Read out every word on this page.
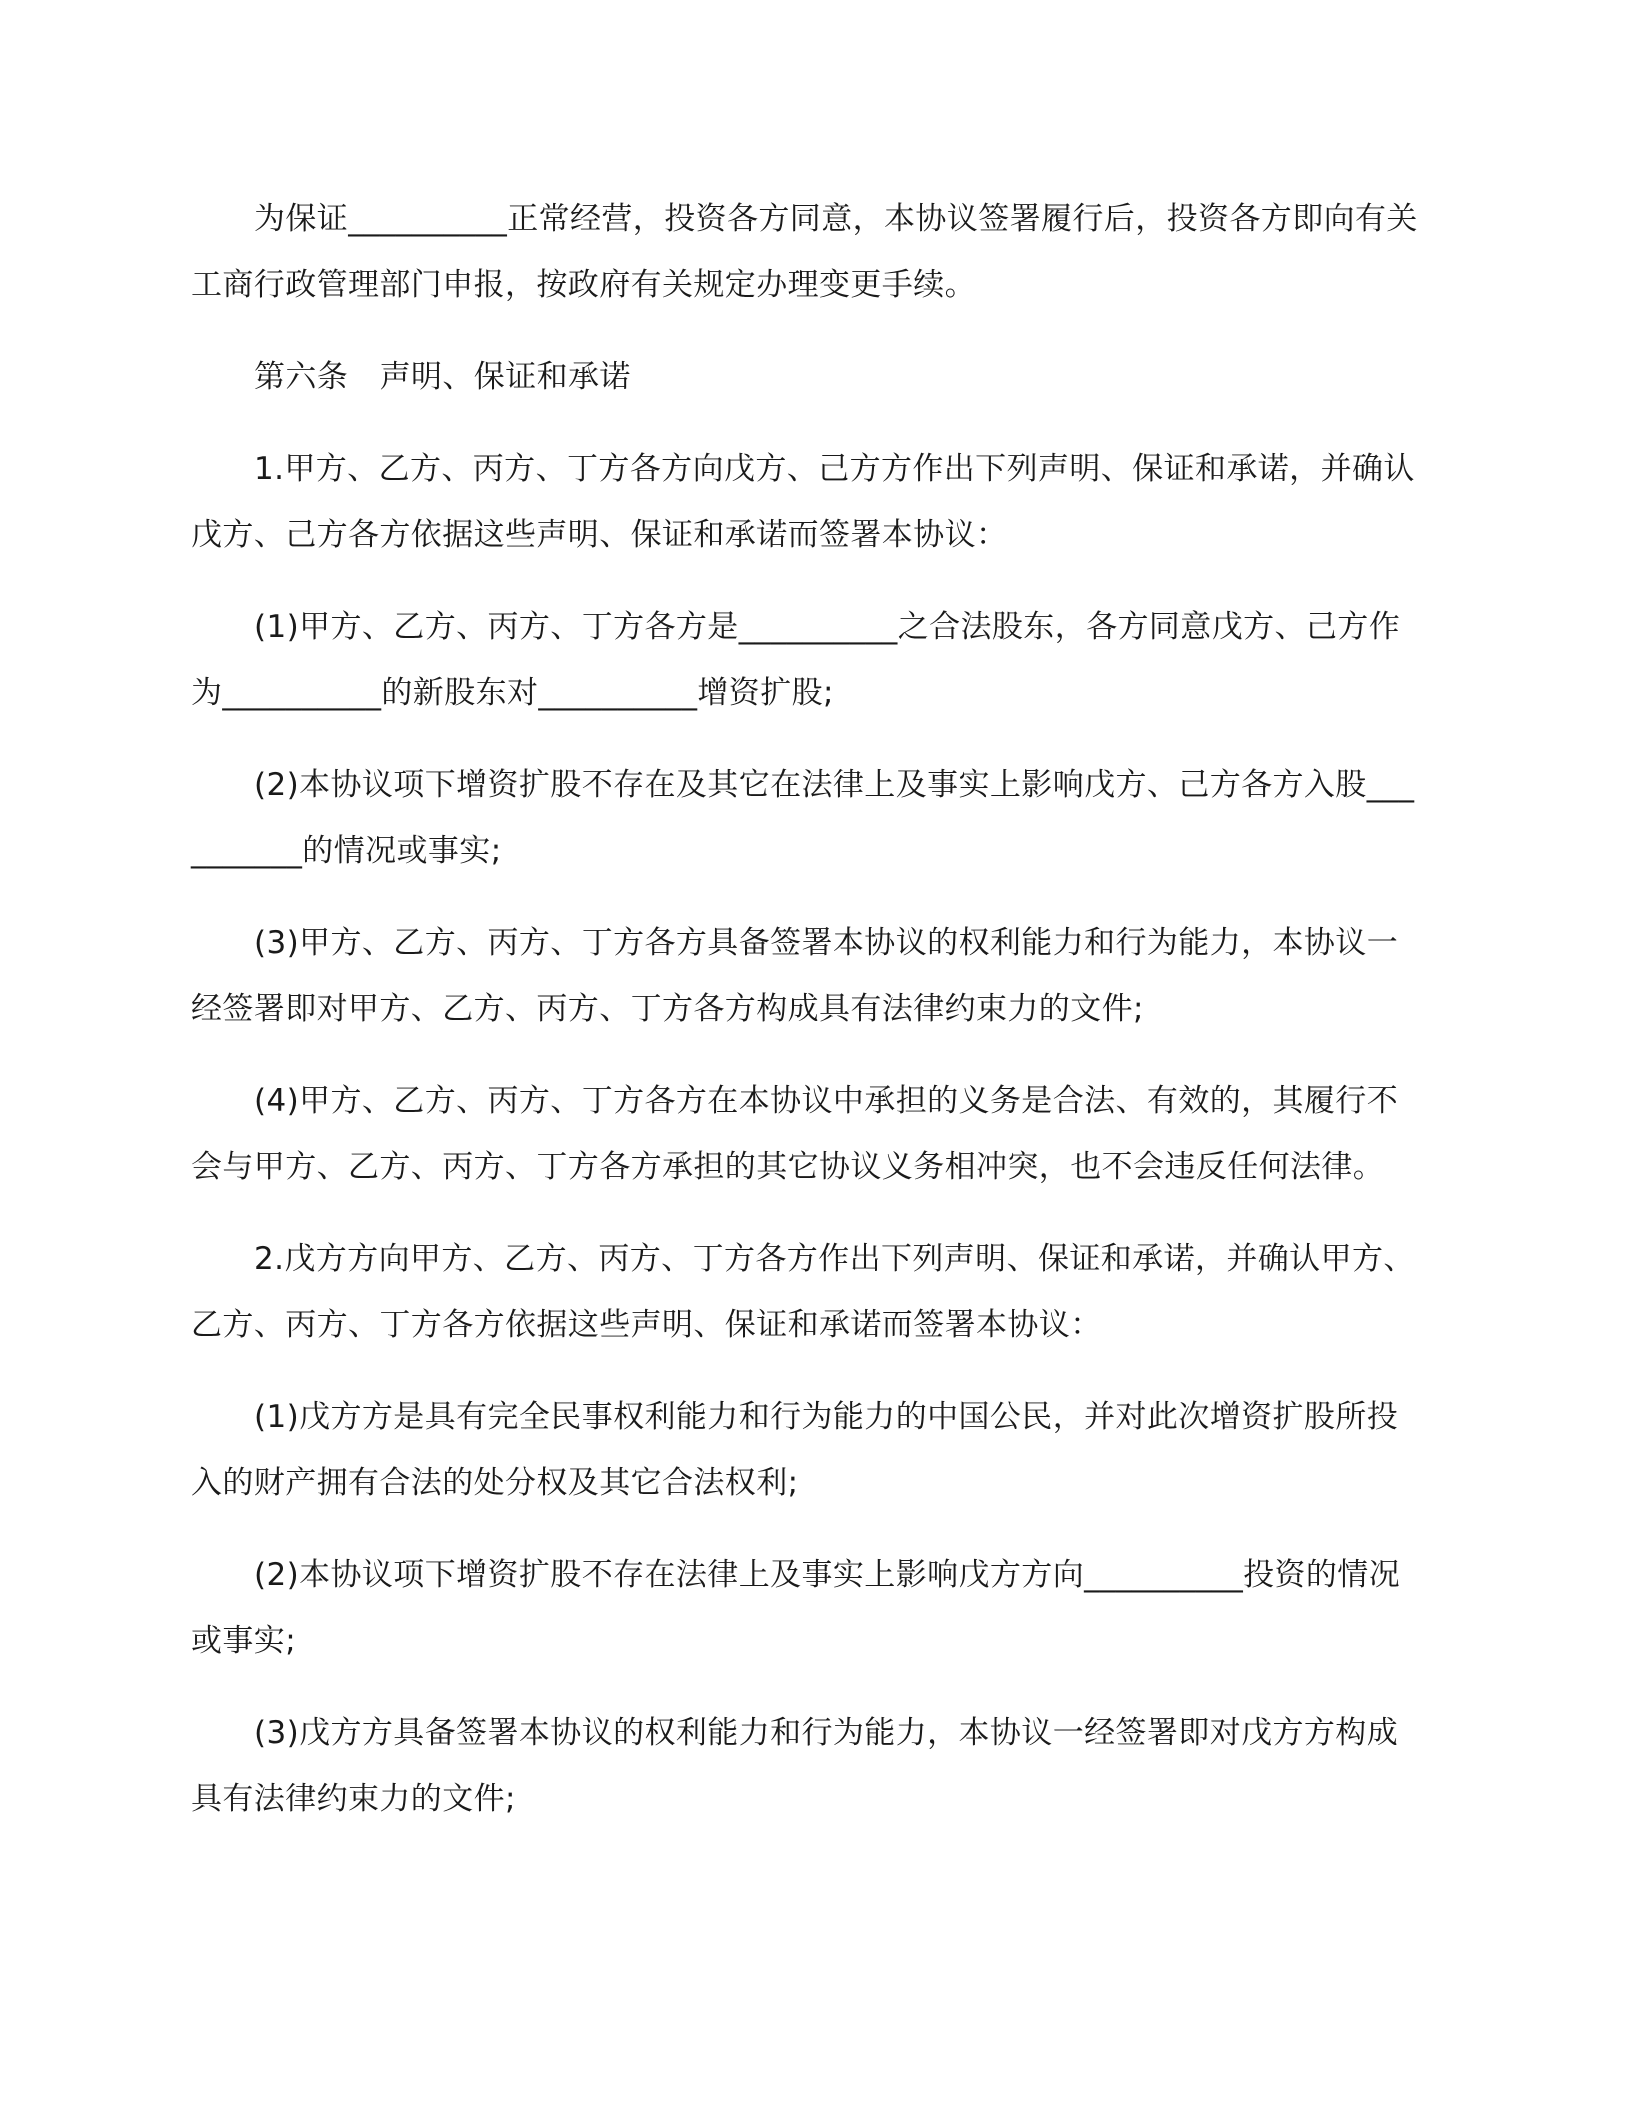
为保证__________正常经营，投资各方同意，本协议签署履行后，投资各方即向有关工商行政管理部门申报，按政府有关规定办理变更手续。

第六条　声明、保证和承诺

1.甲方、乙方、丙方、丁方各方向戊方、己方方作出下列声明、保证和承诺，并确认戊方、己方各方依据这些声明、保证和承诺而签署本协议：

(1)甲方、乙方、丙方、丁方各方是__________之合法股东，各方同意戊方、己方作为__________的新股东对__________增资扩股;

(2)本协议项下增资扩股不存在及其它在法律上及事实上影响戊方、己方各方入股__________的情况或事实;

(3)甲方、乙方、丙方、丁方各方具备签署本协议的权利能力和行为能力，本协议一经签署即对甲方、乙方、丙方、丁方各方构成具有法律约束力的文件;

(4)甲方、乙方、丙方、丁方各方在本协议中承担的义务是合法、有效的，其履行不会与甲方、乙方、丙方、丁方各方承担的其它协议义务相冲突，也不会违反任何法律。

2.戊方方向甲方、乙方、丙方、丁方各方作出下列声明、保证和承诺，并确认甲方、乙方、丙方、丁方各方依据这些声明、保证和承诺而签署本协议：

(1)戊方方是具有完全民事权利能力和行为能力的中国公民，并对此次增资扩股所投入的财产拥有合法的处分权及其它合法权利;

(2)本协议项下增资扩股不存在法律上及事实上影响戊方方向__________投资的情况或事实;

(3)戊方方具备签署本协议的权利能力和行为能力，本协议一经签署即对戊方方构成具有法律约束力的文件;
